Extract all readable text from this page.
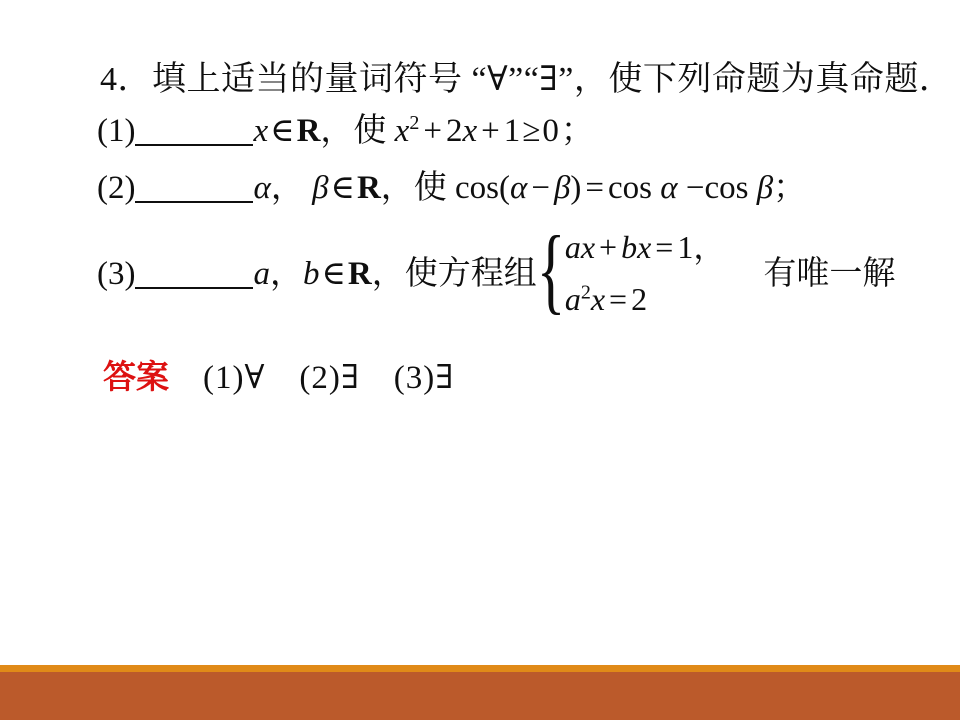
4．填上适当的量词符号 “∀”“∃”，使下列命题为真命题．
(1)	x∈R，使 $x^2 + 2x + 1\ge 0$；
(2)	α， β∈R，使 cos(α − β) = cos α −cos β；
(3)	a，b∈R，使方程组 { ax + bx = 1，
$a^2x = 2$
有唯一解
答案 (1)∀ (2)∃ (3)∃
